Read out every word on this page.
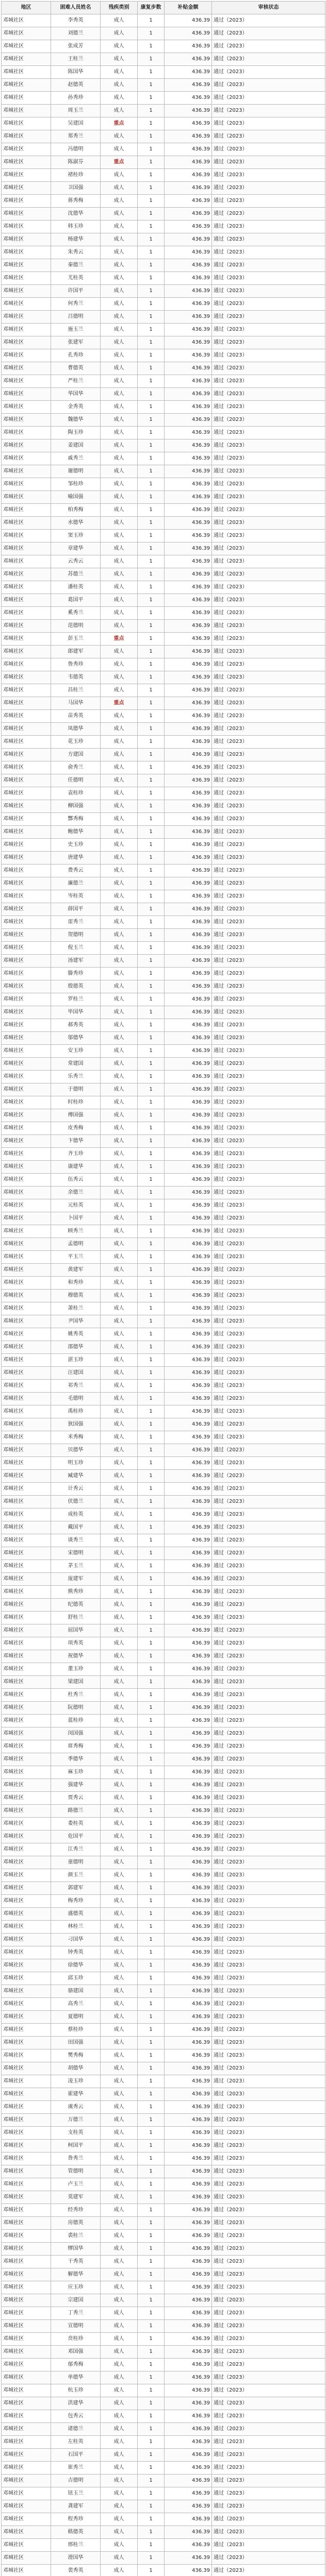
地区	困难人员姓名	残疾类别	康复步数	补贴金额	审核状态
邓城社区	李秀英	成人	1	436.39	通过（2023）
邓城社区	刘德兰	成人	1	436.39	通过（2023）
邓城社区	张成芳	成人	1	436.39	通过（2023）
邓城社区	王桂兰	成人	1	436.39	通过（2023）
邓城社区	陈国华	成人	1	436.39	通过（2023）
邓城社区	赵德英	成人	1	436.39	通过（2023）
邓城社区	孙秀珍	成人	1	436.39	通过（2023）
邓城社区	周玉兰	成人	1	436.39	通过（2023）
邓城社区	吴建国	重点	1	436.39	通过（2023）
邓城社区	郑秀兰	成人	1	436.39	通过（2023）
邓城社区	冯德明	成人	1	436.39	通过（2023）
邓城社区	陈淑芬	重点	1	436.39	通过（2023）
邓城社区	褚桂珍	成人	1	436.39	通过（2023）
邓城社区	卫国强	成人	1	436.39	通过（2023）
邓城社区	蒋秀梅	成人	1	436.39	通过（2023）
邓城社区	沈德华	成人	1	436.39	通过（2023）
邓城社区	韩玉珍	成人	1	436.39	通过（2023）
邓城社区	杨建华	成人	1	436.39	通过（2023）
邓城社区	朱秀云	成人	1	436.39	通过（2023）
邓城社区	秦德兰	成人	1	436.39	通过（2023）
邓城社区	尤桂英	成人	1	436.39	通过（2023）
邓城社区	许国平	成人	1	436.39	通过（2023）
邓城社区	何秀兰	成人	1	436.39	通过（2023）
邓城社区	吕德明	成人	1	436.39	通过（2023）
邓城社区	施玉兰	成人	1	436.39	通过（2023）
邓城社区	张建军	成人	1	436.39	通过（2023）
邓城社区	孔秀珍	成人	1	436.39	通过（2023）
邓城社区	曹德英	成人	1	436.39	通过（2023）
邓城社区	严桂兰	成人	1	436.39	通过（2023）
邓城社区	华国华	成人	1	436.39	通过（2023）
邓城社区	金秀英	成人	1	436.39	通过（2023）
邓城社区	魏德华	成人	1	436.39	通过（2023）
邓城社区	陶玉珍	成人	1	436.39	通过（2023）
邓城社区	姜建国	成人	1	436.39	通过（2023）
邓城社区	戚秀兰	成人	1	436.39	通过（2023）
邓城社区	谢德明	成人	1	436.39	通过（2023）
邓城社区	邹桂珍	成人	1	436.39	通过（2023）
邓城社区	喻国强	成人	1	436.39	通过（2023）
邓城社区	柏秀梅	成人	1	436.39	通过（2023）
邓城社区	水德华	成人	1	436.39	通过（2023）
邓城社区	窦玉珍	成人	1	436.39	通过（2023）
邓城社区	章建华	成人	1	436.39	通过（2023）
邓城社区	云秀云	成人	1	436.39	通过（2023）
邓城社区	苏德兰	成人	1	436.39	通过（2023）
邓城社区	潘桂英	成人	1	436.39	通过（2023）
邓城社区	葛国平	成人	1	436.39	通过（2023）
邓城社区	奚秀兰	成人	1	436.39	通过（2023）
邓城社区	范德明	成人	1	436.39	通过（2023）
邓城社区	彭玉兰	重点	1	436.39	通过（2023）
邓城社区	郎建军	成人	1	436.39	通过（2023）
邓城社区	鲁秀珍	成人	1	436.39	通过（2023）
邓城社区	韦德英	成人	1	436.39	通过（2023）
邓城社区	昌桂兰	成人	1	436.39	通过（2023）
邓城社区	马国华	重点	1	436.39	通过（2023）
邓城社区	苗秀英	成人	1	436.39	通过（2023）
邓城社区	凤德华	成人	1	436.39	通过（2023）
邓城社区	花玉珍	成人	1	436.39	通过（2023）
邓城社区	方建国	成人	1	436.39	通过（2023）
邓城社区	俞秀兰	成人	1	436.39	通过（2023）
邓城社区	任德明	成人	1	436.39	通过（2023）
邓城社区	袁桂珍	成人	1	436.39	通过（2023）
邓城社区	柳国强	成人	1	436.39	通过（2023）
邓城社区	酆秀梅	成人	1	436.39	通过（2023）
邓城社区	鲍德华	成人	1	436.39	通过（2023）
邓城社区	史玉珍	成人	1	436.39	通过（2023）
邓城社区	唐建华	成人	1	436.39	通过（2023）
邓城社区	费秀云	成人	1	436.39	通过（2023）
邓城社区	廉德兰	成人	1	436.39	通过（2023）
邓城社区	岑桂英	成人	1	436.39	通过（2023）
邓城社区	薛国平	成人	1	436.39	通过（2023）
邓城社区	雷秀兰	成人	1	436.39	通过（2023）
邓城社区	贺德明	成人	1	436.39	通过（2023）
邓城社区	倪玉兰	成人	1	436.39	通过（2023）
邓城社区	汤建军	成人	1	436.39	通过（2023）
邓城社区	滕秀珍	成人	1	436.39	通过（2023）
邓城社区	殷德英	成人	1	436.39	通过（2023）
邓城社区	罗桂兰	成人	1	436.39	通过（2023）
邓城社区	毕国华	成人	1	436.39	通过（2023）
邓城社区	郝秀英	成人	1	436.39	通过（2023）
邓城社区	邬德华	成人	1	436.39	通过（2023）
邓城社区	安玉珍	成人	1	436.39	通过（2023）
邓城社区	常建国	成人	1	436.39	通过（2023）
邓城社区	乐秀兰	成人	1	436.39	通过（2023）
邓城社区	于德明	成人	1	436.39	通过（2023）
邓城社区	时桂珍	成人	1	436.39	通过（2023）
邓城社区	傅国强	成人	1	436.39	通过（2023）
邓城社区	皮秀梅	成人	1	436.39	通过（2023）
邓城社区	卞德华	成人	1	436.39	通过（2023）
邓城社区	齐玉珍	成人	1	436.39	通过（2023）
邓城社区	康建华	成人	1	436.39	通过（2023）
邓城社区	伍秀云	成人	1	436.39	通过（2023）
邓城社区	余德兰	成人	1	436.39	通过（2023）
邓城社区	元桂英	成人	1	436.39	通过（2023）
邓城社区	卜国平	成人	1	436.39	通过（2023）
邓城社区	顾秀兰	成人	1	436.39	通过（2023）
邓城社区	孟德明	成人	1	436.39	通过（2023）
邓城社区	平玉兰	成人	1	436.39	通过（2023）
邓城社区	黄建军	成人	1	436.39	通过（2023）
邓城社区	和秀珍	成人	1	436.39	通过（2023）
邓城社区	穆德英	成人	1	436.39	通过（2023）
邓城社区	萧桂兰	成人	1	436.39	通过（2023）
邓城社区	尹国华	成人	1	436.39	通过（2023）
邓城社区	姚秀英	成人	1	436.39	通过（2023）
邓城社区	邵德华	成人	1	436.39	通过（2023）
邓城社区	湛玉珍	成人	1	436.39	通过（2023）
邓城社区	汪建国	成人	1	436.39	通过（2023）
邓城社区	祁秀兰	成人	1	436.39	通过（2023）
邓城社区	毛德明	成人	1	436.39	通过（2023）
邓城社区	禹桂珍	成人	1	436.39	通过（2023）
邓城社区	狄国强	成人	1	436.39	通过（2023）
邓城社区	米秀梅	成人	1	436.39	通过（2023）
邓城社区	贝德华	成人	1	436.39	通过（2023）
邓城社区	明玉珍	成人	1	436.39	通过（2023）
邓城社区	臧建华	成人	1	436.39	通过（2023）
邓城社区	计秀云	成人	1	436.39	通过（2023）
邓城社区	伏德兰	成人	1	436.39	通过（2023）
邓城社区	成桂英	成人	1	436.39	通过（2023）
邓城社区	戴国平	成人	1	436.39	通过（2023）
邓城社区	谈秀兰	成人	1	436.39	通过（2023）
邓城社区	宋德明	成人	1	436.39	通过（2023）
邓城社区	茅玉兰	成人	1	436.39	通过（2023）
邓城社区	庞建军	成人	1	436.39	通过（2023）
邓城社区	熊秀珍	成人	1	436.39	通过（2023）
邓城社区	纪德英	成人	1	436.39	通过（2023）
邓城社区	舒桂兰	成人	1	436.39	通过（2023）
邓城社区	屈国华	成人	1	436.39	通过（2023）
邓城社区	项秀英	成人	1	436.39	通过（2023）
邓城社区	祝德华	成人	1	436.39	通过（2023）
邓城社区	董玉珍	成人	1	436.39	通过（2023）
邓城社区	梁建国	成人	1	436.39	通过（2023）
邓城社区	杜秀兰	成人	1	436.39	通过（2023）
邓城社区	阮德明	成人	1	436.39	通过（2023）
邓城社区	蓝桂珍	成人	1	436.39	通过（2023）
邓城社区	闵国强	成人	1	436.39	通过（2023）
邓城社区	席秀梅	成人	1	436.39	通过（2023）
邓城社区	季德华	成人	1	436.39	通过（2023）
邓城社区	麻玉珍	成人	1	436.39	通过（2023）
邓城社区	强建华	成人	1	436.39	通过（2023）
邓城社区	贾秀云	成人	1	436.39	通过（2023）
邓城社区	路德兰	成人	1	436.39	通过（2023）
邓城社区	娄桂英	成人	1	436.39	通过（2023）
邓城社区	危国平	成人	1	436.39	通过（2023）
邓城社区	江秀兰	成人	1	436.39	通过（2023）
邓城社区	童德明	成人	1	436.39	通过（2023）
邓城社区	颜玉兰	成人	1	436.39	通过（2023）
邓城社区	郭建军	成人	1	436.39	通过（2023）
邓城社区	梅秀珍	成人	1	436.39	通过（2023）
邓城社区	盛德英	成人	1	436.39	通过（2023）
邓城社区	林桂兰	成人	1	436.39	通过（2023）
邓城社区	刁国华	成人	1	436.39	通过（2023）
邓城社区	钟秀英	成人	1	436.39	通过（2023）
邓城社区	徐德华	成人	1	436.39	通过（2023）
邓城社区	邱玉珍	成人	1	436.39	通过（2023）
邓城社区	骆建国	成人	1	436.39	通过（2023）
邓城社区	高秀兰	成人	1	436.39	通过（2023）
邓城社区	夏德明	成人	1	436.39	通过（2023）
邓城社区	蔡桂珍	成人	1	436.39	通过（2023）
邓城社区	田国强	成人	1	436.39	通过（2023）
邓城社区	樊秀梅	成人	1	436.39	通过（2023）
邓城社区	胡德华	成人	1	436.39	通过（2023）
邓城社区	凌玉珍	成人	1	436.39	通过（2023）
邓城社区	霍建华	成人	1	436.39	通过（2023）
邓城社区	虞秀云	成人	1	436.39	通过（2023）
邓城社区	万德兰	成人	1	436.39	通过（2023）
邓城社区	支桂英	成人	1	436.39	通过（2023）
邓城社区	柯国平	成人	1	436.39	通过（2023）
邓城社区	昝秀兰	成人	1	436.39	通过（2023）
邓城社区	管德明	成人	1	436.39	通过（2023）
邓城社区	卢玉兰	成人	1	436.39	通过（2023）
邓城社区	莫建军	成人	1	436.39	通过（2023）
邓城社区	经秀珍	成人	1	436.39	通过（2023）
邓城社区	房德英	成人	1	436.39	通过（2023）
邓城社区	裘桂兰	成人	1	436.39	通过（2023）
邓城社区	缪国华	成人	1	436.39	通过（2023）
邓城社区	干秀英	成人	1	436.39	通过（2023）
邓城社区	解德华	成人	1	436.39	通过（2023）
邓城社区	应玉珍	成人	1	436.39	通过（2023）
邓城社区	宗建国	成人	1	436.39	通过（2023）
邓城社区	丁秀兰	成人	1	436.39	通过（2023）
邓城社区	宣德明	成人	1	436.39	通过（2023）
邓城社区	贲桂珍	成人	1	436.39	通过（2023）
邓城社区	邓国强	成人	1	436.39	通过（2023）
邓城社区	郁秀梅	成人	1	436.39	通过（2023）
邓城社区	单德华	成人	1	436.39	通过（2023）
邓城社区	杭玉珍	成人	1	436.39	通过（2023）
邓城社区	洪建华	成人	1	436.39	通过（2023）
邓城社区	包秀云	成人	1	436.39	通过（2023）
邓城社区	诸德兰	成人	1	436.39	通过（2023）
邓城社区	左桂英	成人	1	436.39	通过（2023）
邓城社区	石国平	成人	1	436.39	通过（2023）
邓城社区	崔秀兰	成人	1	436.39	通过（2023）
邓城社区	吉德明	成人	1	436.39	通过（2023）
邓城社区	钮玉兰	成人	1	436.39	通过（2023）
邓城社区	龚建军	成人	1	436.39	通过（2023）
邓城社区	程秀珍	成人	1	436.39	通过（2023）
邓城社区	嵇德英	成人	1	436.39	通过（2023）
邓城社区	邢桂兰	成人	1	436.39	通过（2023）
邓城社区	滑国华	成人	1	436.39	通过（2023）
邓城社区	裴秀英	成人	1	436.39	通过（2023）
